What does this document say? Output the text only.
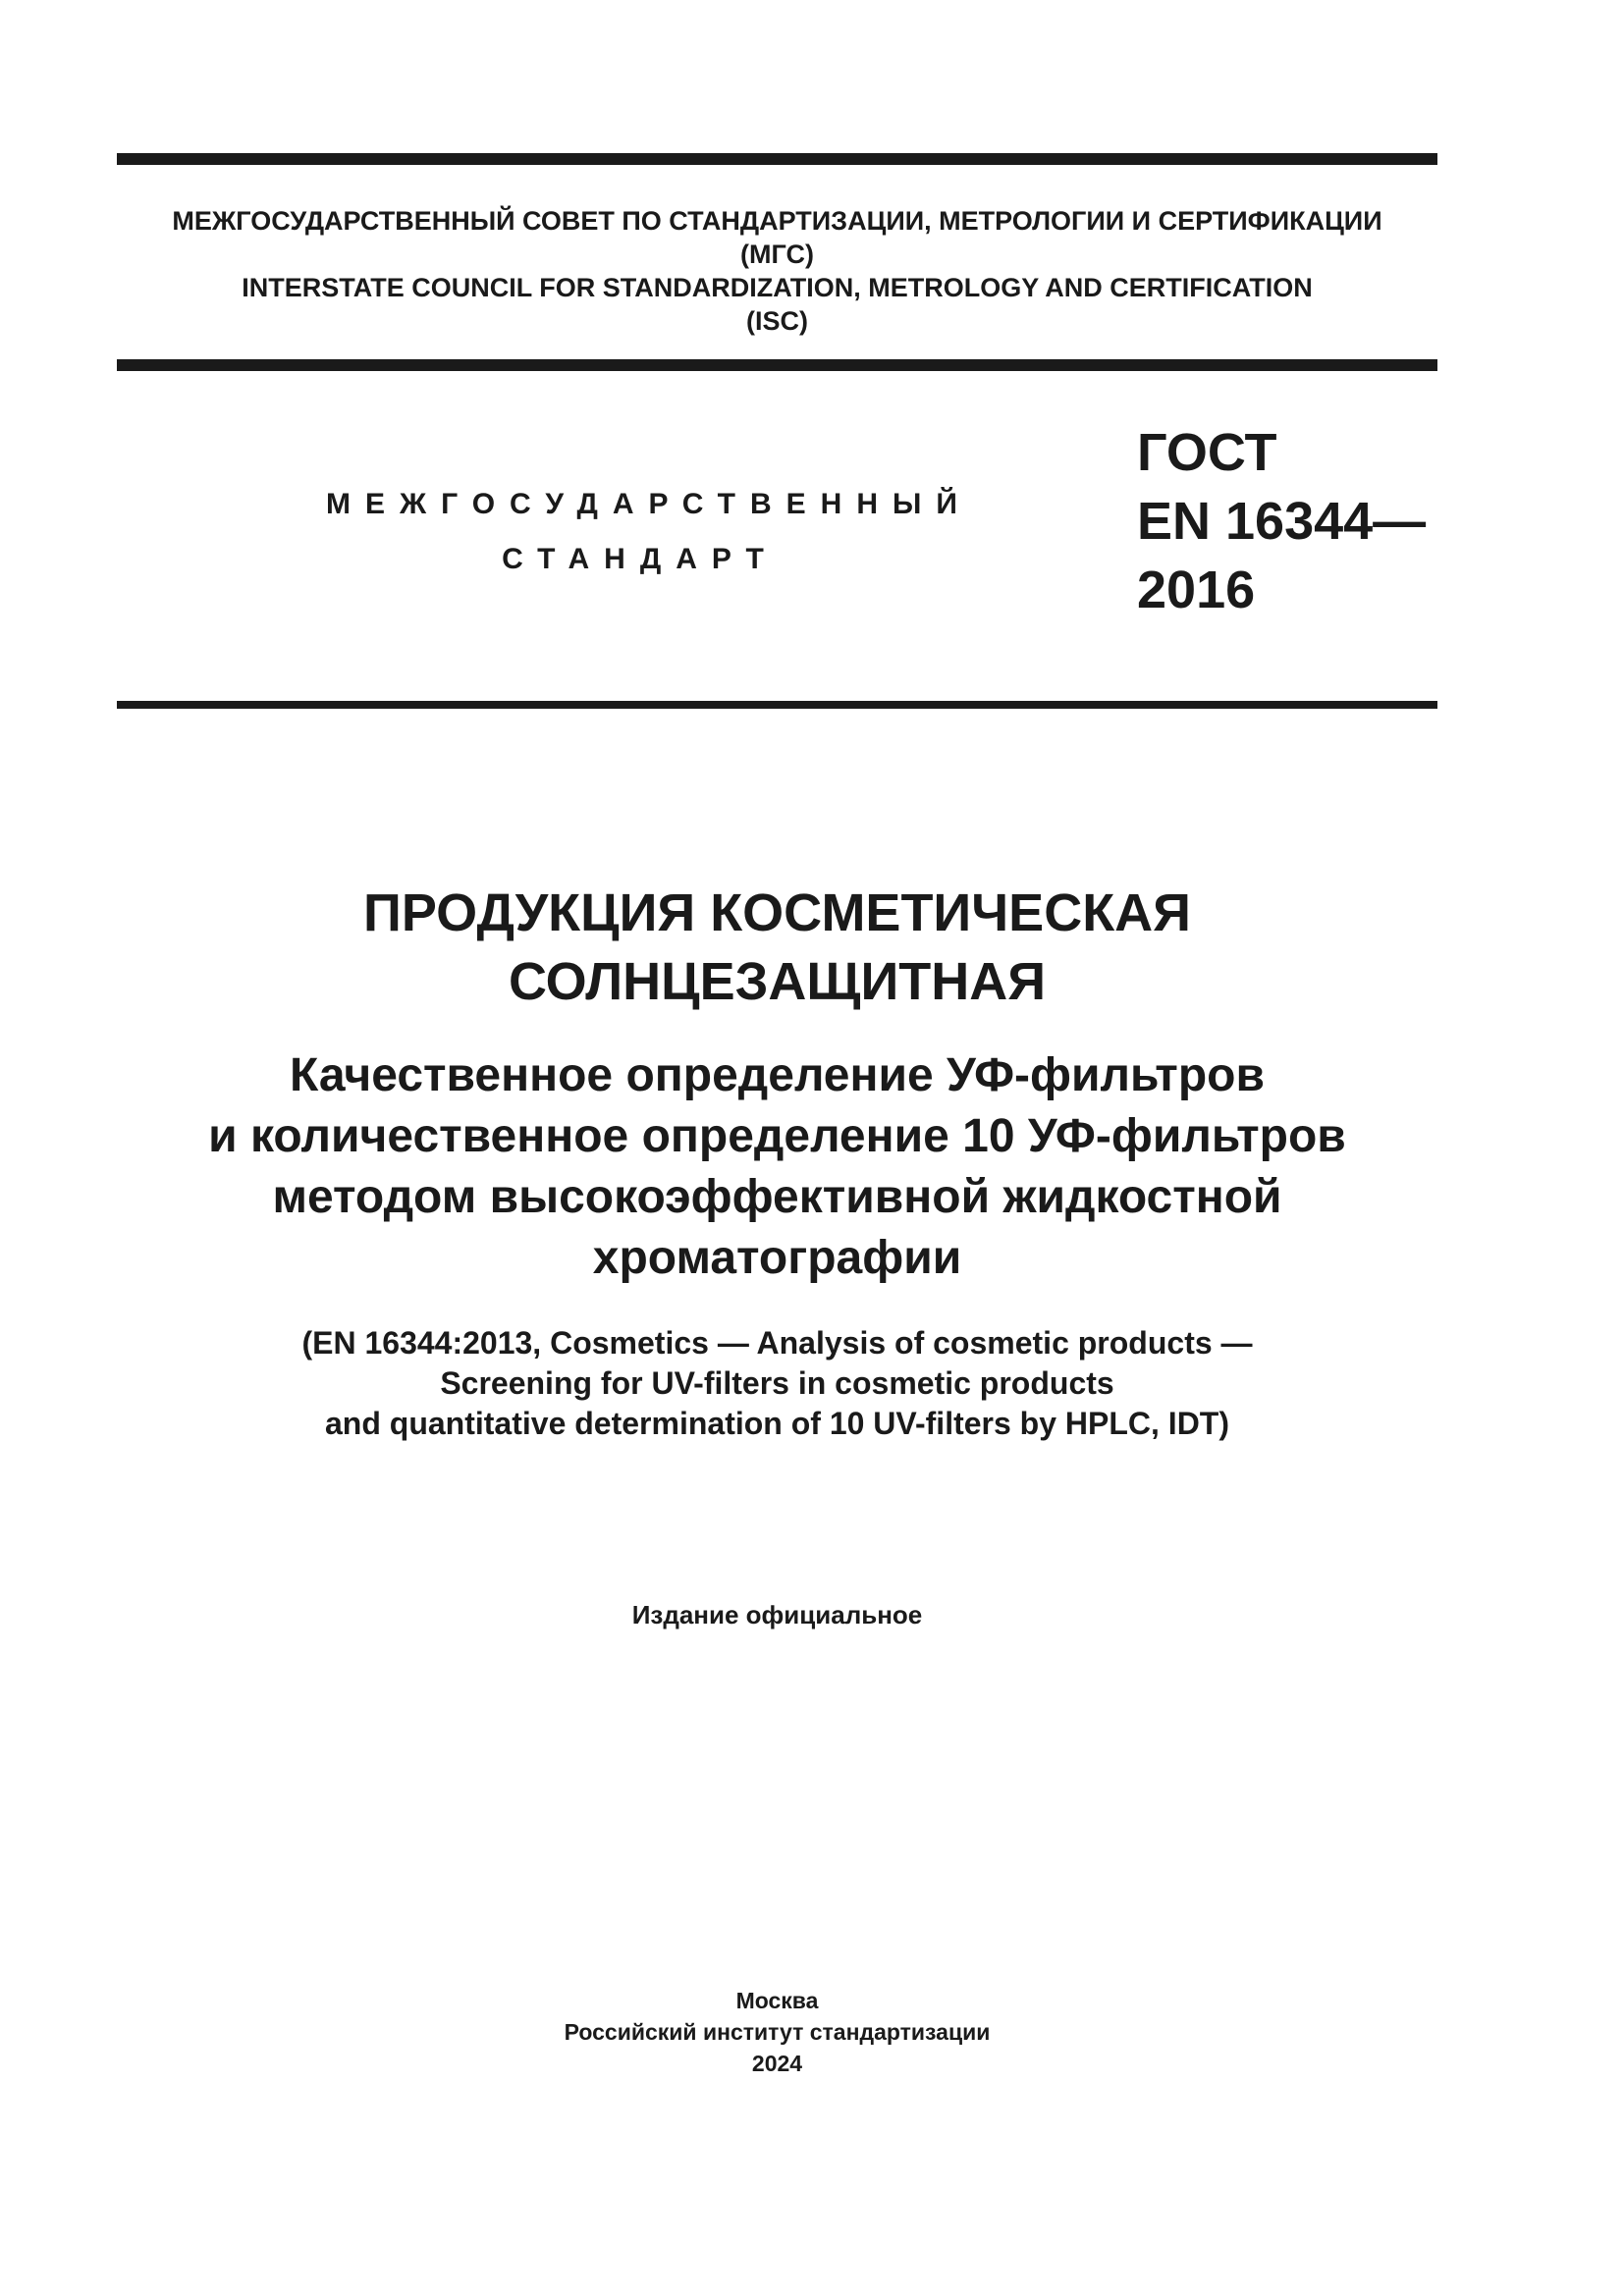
МЕЖГОСУДАРСТВЕННЫЙ СОВЕТ ПО СТАНДАРТИЗАЦИИ, МЕТРОЛОГИИ И СЕРТИФИКАЦИИ
(МГС)
INTERSTATE COUNCIL FOR STANDARDIZATION, METROLOGY AND CERTIFICATION
(ISC)
МЕЖГОСУДАРСТВЕННЫЙ
СТАНДАРТ
ГОСТ
EN 16344—
2016
ПРОДУКЦИЯ КОСМЕТИЧЕСКАЯ
СОЛНЦЕЗАЩИТНАЯ
Качественное определение УФ-фильтров
и количественное определение 10 УФ-фильтров
методом высокоэффективной жидкостной
хроматографии
(EN 16344:2013, Cosmetics — Analysis of cosmetic products —
Screening for UV-filters in cosmetic products
and quantitative determination of 10 UV-filters by HPLC, IDT)
Издание официальное
Москва
Российский институт стандартизации
2024
